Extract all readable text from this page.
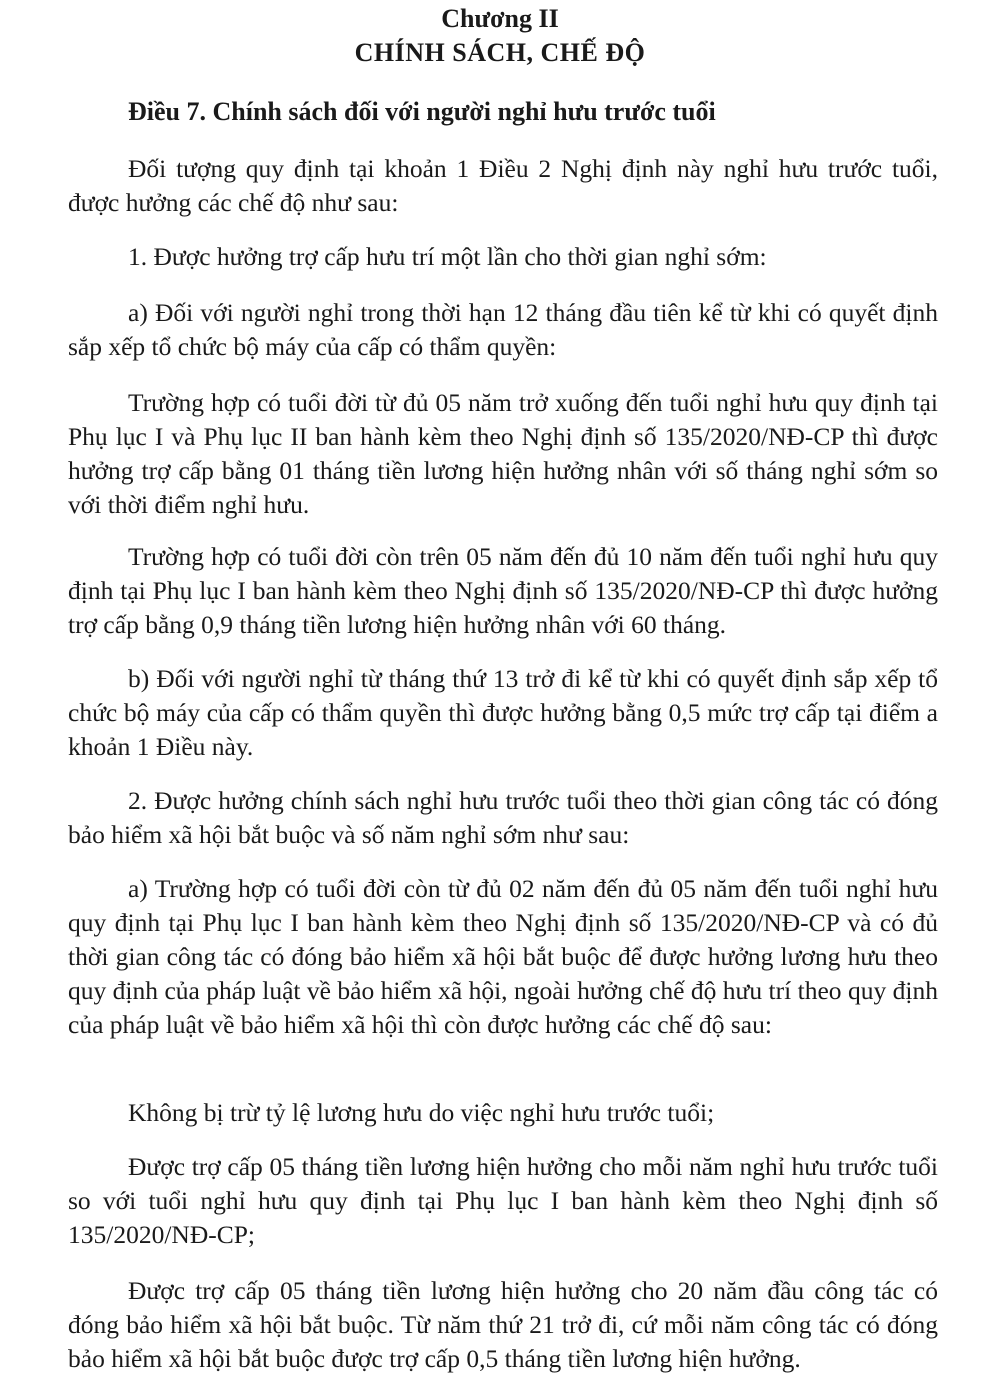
Chương II
CHÍNH SÁCH, CHẾ ĐỘ

Điều 7. Chính sách đối với người nghỉ hưu trước tuổi

Đối tượng quy định tại khoản 1 Điều 2 Nghị định này nghỉ hưu trước tuổi, được hưởng các chế độ như sau:

1. Được hưởng trợ cấp hưu trí một lần cho thời gian nghỉ sớm:

a) Đối với người nghỉ trong thời hạn 12 tháng đầu tiên kể từ khi có quyết định sắp xếp tổ chức bộ máy của cấp có thẩm quyền:

Trường hợp có tuổi đời từ đủ 05 năm trở xuống đến tuổi nghỉ hưu quy định tại Phụ lục I và Phụ lục II ban hành kèm theo Nghị định số 135/2020/NĐ-CP thì được hưởng trợ cấp bằng 01 tháng tiền lương hiện hưởng nhân với số tháng nghỉ sớm so với thời điểm nghỉ hưu.

Trường hợp có tuổi đời còn trên 05 năm đến đủ 10 năm đến tuổi nghỉ hưu quy định tại Phụ lục I ban hành kèm theo Nghị định số 135/2020/NĐ-CP thì được hưởng trợ cấp bằng 0,9 tháng tiền lương hiện hưởng nhân với 60 tháng.

b) Đối với người nghỉ từ tháng thứ 13 trở đi kể từ khi có quyết định sắp xếp tổ chức bộ máy của cấp có thẩm quyền thì được hưởng bằng 0,5 mức trợ cấp tại điểm a khoản 1 Điều này.

2. Được hưởng chính sách nghỉ hưu trước tuổi theo thời gian công tác có đóng bảo hiểm xã hội bắt buộc và số năm nghỉ sớm như sau:

a) Trường hợp có tuổi đời còn từ đủ 02 năm đến đủ 05 năm đến tuổi nghỉ hưu quy định tại Phụ lục I ban hành kèm theo Nghị định số 135/2020/NĐ-CP và có đủ thời gian công tác có đóng bảo hiểm xã hội bắt buộc để được hưởng lương hưu theo quy định của pháp luật về bảo hiểm xã hội, ngoài hưởng chế độ hưu trí theo quy định của pháp luật về bảo hiểm xã hội thì còn được hưởng các chế độ sau:

Không bị trừ tỷ lệ lương hưu do việc nghỉ hưu trước tuổi;

Được trợ cấp 05 tháng tiền lương hiện hưởng cho mỗi năm nghỉ hưu trước tuổi so với tuổi nghỉ hưu quy định tại Phụ lục I ban hành kèm theo Nghị định số 135/2020/NĐ-CP;

Được trợ cấp 05 tháng tiền lương hiện hưởng cho 20 năm đầu công tác có đóng bảo hiểm xã hội bắt buộc. Từ năm thứ 21 trở đi, cứ mỗi năm công tác có đóng bảo hiểm xã hội bắt buộc được trợ cấp 0,5 tháng tiền lương hiện hưởng.
